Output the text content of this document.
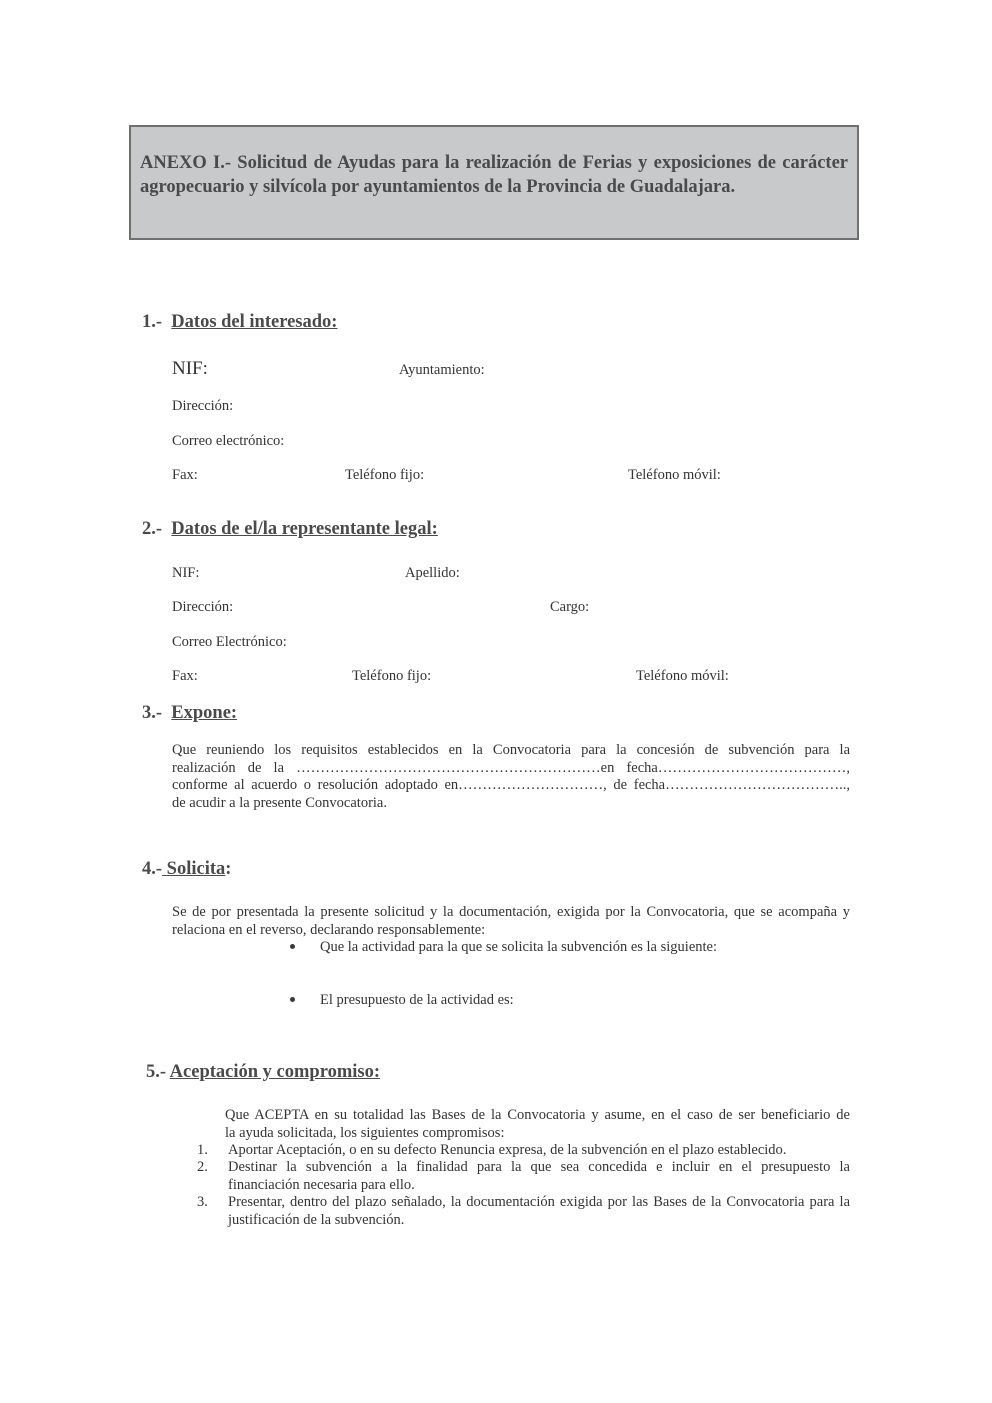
ANEXO I.- Solicitud de Ayudas para la realización de Ferias y exposiciones de carácter agropecuario y silvícola por ayuntamientos de la Provincia de Guadalajara.
1.- Datos del interesado:
NIF:	Ayuntamiento:
Dirección:
Correo electrónico:
Fax:	Teléfono fijo:	Teléfono móvil:
2.- Datos de el/la representante legal:
NIF:	Apellido:
Dirección:	Cargo:
Correo Electrónico:
Fax:	Teléfono fijo:	Teléfono móvil:
3.- Expone:
Que reuniendo los requisitos establecidos en la Convocatoria para la concesión de subvención para la
realización de la ………………………………………………………en fecha…………………………………,
conforme al acuerdo o resolución adoptado en…………………………, de fecha………………………………..,
de acudir a la presente Convocatoria.
4.- Solicita:
Se de por presentada la presente solicitud y la documentación, exigida por la Convocatoria, que se acompaña y
relaciona en el reverso, declarando responsablemente:
Que la actividad para la que se solicita la subvención es la siguiente:
El presupuesto de la actividad es:
5.- Aceptación y compromiso:
Que ACEPTA en su totalidad las Bases de la Convocatoria y asume, en el caso de ser beneficiario de
la ayuda solicitada, los siguientes compromisos:
1. Aportar Aceptación, o en su defecto Renuncia expresa, de la subvención en el plazo establecido.
2. Destinar la subvención a la finalidad para la que sea concedida e incluir en el presupuesto la
financiación necesaria para ello.
3. Presentar, dentro del plazo señalado, la documentación exigida por las Bases de la Convocatoria para la
justificación de la subvención.
